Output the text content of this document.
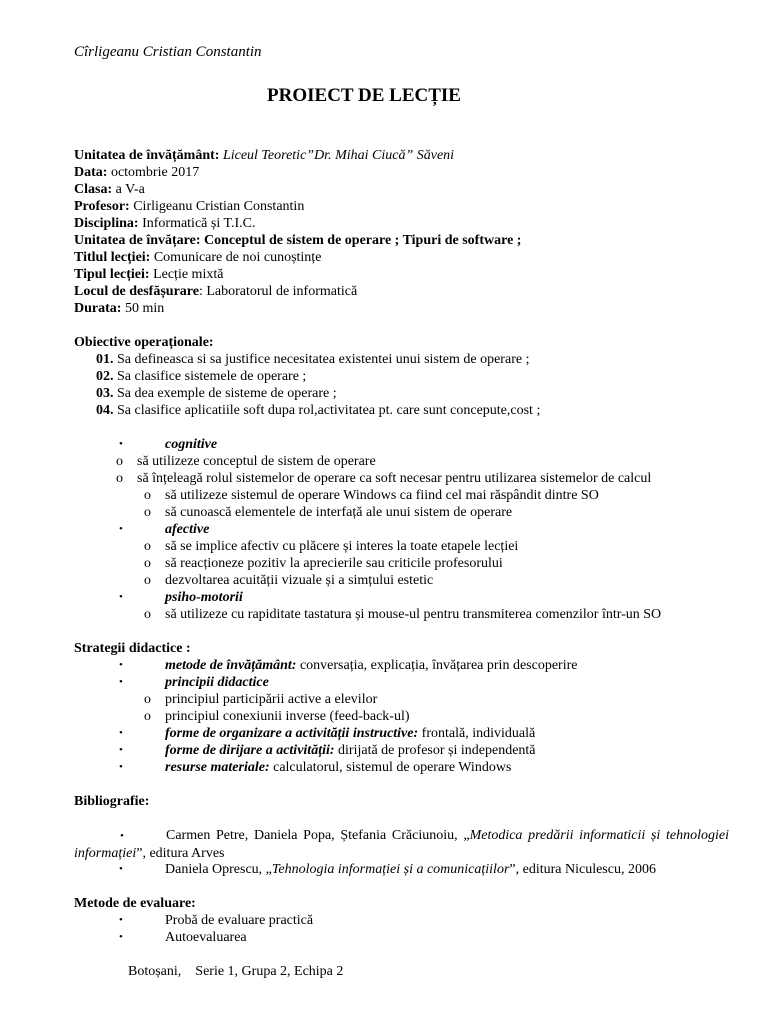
Cîrligeanu Cristian Constantin
PROIECT DE LECȚIE
Unitatea de învățământ: Liceul Teoretic”Dr. Mihai Ciucă” Săveni
Data: octombrie 2017
Clasa: a V-a
Profesor: Cirligeanu Cristian Constantin
Disciplina: Informatică și T.I.C.
Unitatea de învățare: Conceptul de sistem de operare ; Tipuri de software ;
Titlul lecției: Comunicare de noi cunoștințe
Tipul lecției: Lecție mixtă
Locul de desfășurare: Laboratorul de informatică
Durata: 50 min
Obiective operaționale:
01. Sa defineasca si sa justifice necesitatea existentei unui sistem de operare ;
02. Sa clasifice sistemele de operare ;
03. Sa dea exemple de sisteme de operare ;
04. Sa clasifice aplicatiile soft dupa rol,activitatea pt. care sunt concepute,cost ;
•	cognitive
o să utilizeze conceptul de sistem de operare
o să înțeleagă rolul sistemelor de operare ca soft necesar pentru utilizarea sistemelor de calcul
o să utilizeze sistemul de operare Windows ca fiind cel mai răspândit dintre SO
o să cunoască elementele de interfață ale unui sistem de operare
•	afective
o să se implice afectiv cu plăcere și interes la toate etapele lecției
o să reacționeze pozitiv la aprecierile sau criticile profesorului
o dezvoltarea acuității vizuale și a simțului estetic
•	psiho-motorii
o să utilizeze cu rapiditate tastatura și mouse-ul pentru transmiterea comenzilor într-un SO
Strategii didactice :
•	metode de învățământ: conversația, explicația, învățarea prin descoperire
•	principii didactice
o principiul participării active a elevilor
o principiul conexiunii inverse (feed-back-ul)
•	forme de organizare a activității instructive: frontală, individuală
•	forme de dirijare a activității: dirijată de profesor și independentă
•	resurse materiale: calculatorul, sistemul de operare Windows
Bibliografie:
•	Carmen Petre, Daniela Popa, Ștefania Crăciunoiu, „Metodica predării informaticii și tehnologiei informației”, editura Arves
•	Daniela Oprescu, „Tehnologia informației și a comunicațiilor”, editura Niculescu, 2006
Metode de evaluare:
•	Probă de evaluare practică
•	Autoevaluarea
Botoșani,    Serie 1, Grupa 2, Echipa 2
